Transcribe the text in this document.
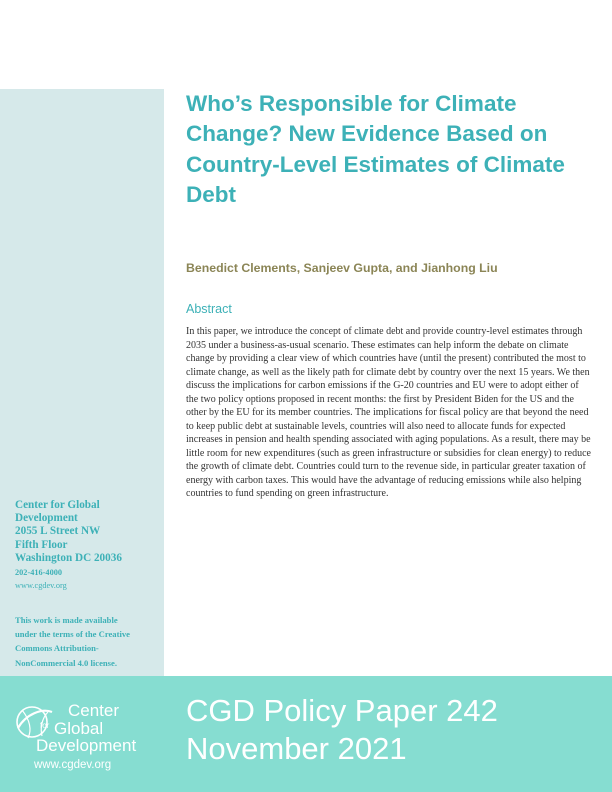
Who’s Responsible for Climate Change? New Evidence Based on Country-Level Estimates of Climate Debt
Benedict Clements, Sanjeev Gupta, and Jianhong Liu
Abstract

In this paper, we introduce the concept of climate debt and provide country-level estimates through 2035 under a business-as-usual scenario. These estimates can help inform the debate on climate change by providing a clear view of which countries have (until the present) contributed the most to climate change, as well as the likely path for climate debt by country over the next 15 years. We then discuss the implications for carbon emissions if the G-20 countries and EU were to adopt either of the two policy options proposed in recent months: the first by President Biden for the US and the other by the EU for its member countries. The implications for fiscal policy are that beyond the need to keep public debt at sustainable levels, countries will also need to allocate funds for expected increases in pension and health spending associated with aging populations. As a result, there may be little room for new expenditures (such as green infrastructure or subsidies for clean energy) to reduce the growth of climate debt. Countries could turn to the revenue side, in particular greater taxation of energy with carbon taxes. This would have the advantage of reducing emissions while also helping countries to fund spending on green infrastructure.

Center for Global
Development
2055 L Street NW
Fifth Floor
Washington DC 20036
202-416-4000
www.cgdev.org
This work is made available
under the terms of the Creative
Commons Attribution-
NonCommercial 4.0 license.
Center
for Global
Development
www.cgdev.org
CGD Policy Paper 242
November 2021
